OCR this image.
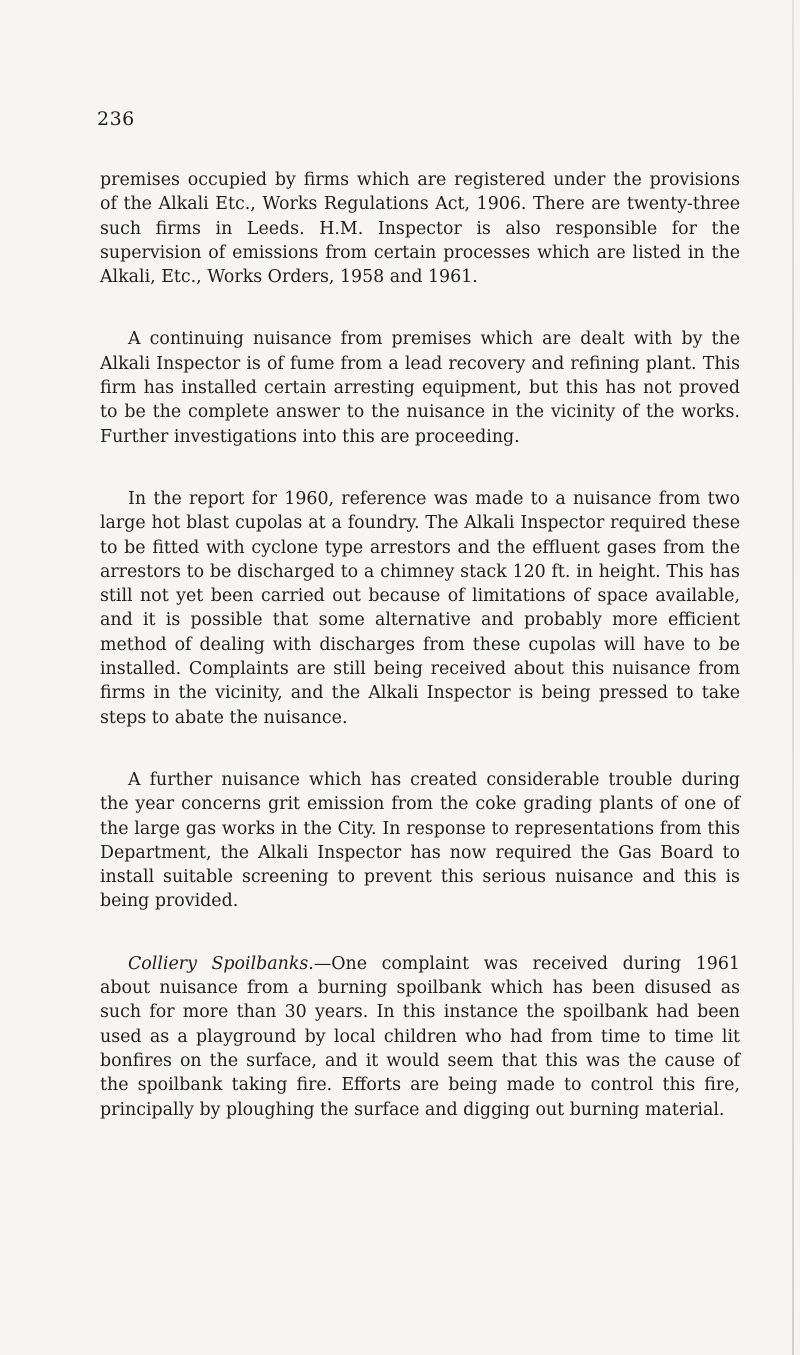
236

premises occupied by firms which are registered under the provisions of the Alkali Etc., Works Regulations Act, 1906. There are twenty-three such firms in Leeds. H.M. Inspector is also responsible for the supervision of emissions from certain processes which are listed in the Alkali, Etc., Works Orders, 1958 and 1961.

A continuing nuisance from premises which are dealt with by the Alkali Inspector is of fume from a lead recovery and refining plant. This firm has installed certain arresting equipment, but this has not proved to be the complete answer to the nuisance in the vicinity of the works. Further investigations into this are proceeding.

In the report for 1960, reference was made to a nuisance from two large hot blast cupolas at a foundry. The Alkali Inspector required these to be fitted with cyclone type arrestors and the effluent gases from the arrestors to be discharged to a chimney stack 120 ft. in height. This has still not yet been carried out because of limitations of space available, and it is possible that some alternative and probably more efficient method of dealing with discharges from these cupolas will have to be installed. Complaints are still being received about this nuisance from firms in the vicinity, and the Alkali Inspector is being pressed to take steps to abate the nuisance.

A further nuisance which has created considerable trouble during the year concerns grit emission from the coke grading plants of one of the large gas works in the City. In response to representations from this Department, the Alkali Inspector has now required the Gas Board to install suitable screening to prevent this serious nuisance and this is being provided.

Colliery Spoilbanks.—One complaint was received during 1961 about nuisance from a burning spoilbank which has been disused as such for more than 30 years. In this instance the spoilbank had been used as a playground by local children who had from time to time lit bonfires on the surface, and it would seem that this was the cause of the spoilbank taking fire. Efforts are being made to control this fire, principally by ploughing the surface and digging out burning material.
